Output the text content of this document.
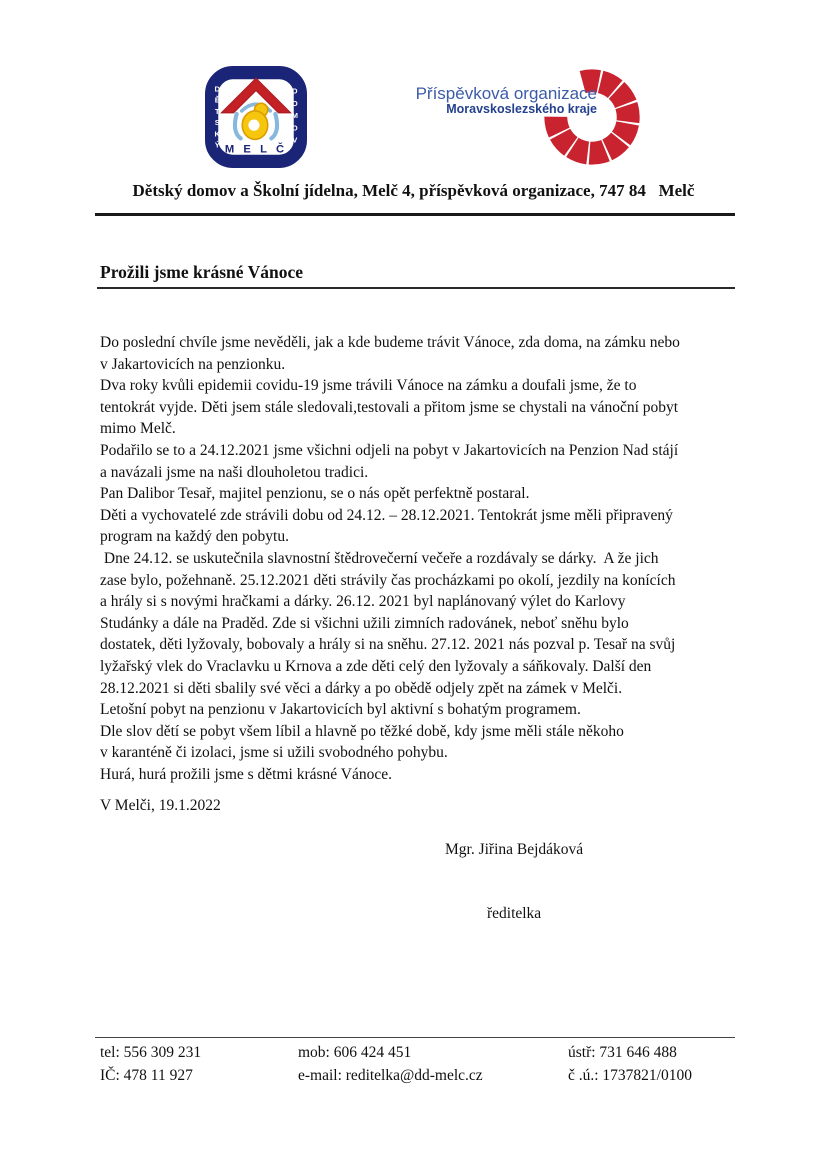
M E L Č
D
Ě
T
S
K
Ý
D
O
M
O
V
Příspěvková organizace
Moravskoslezského kraje
Dětský domov a Školní jídelna, Melč 4, příspěvková organizace, 747 84   Melč
Prožili jsme krásné Vánoce
Do poslední chvíle jsme nevěděli, jak a kde budeme trávit Vánoce, zda doma, na zámku nebo
v Jakartovicích na penzionku.
Dva roky kvůli epidemii covidu-19 jsme trávili Vánoce na zámku a doufali jsme, že to
tentokrát vyjde. Děti jsem stále sledovali,testovali a přitom jsme se chystali na vánoční pobyt
mimo Melč.
Podařilo se to a 24.12.2021 jsme všichni odjeli na pobyt v Jakartovicích na Penzion Nad stájí
a navázali jsme na naši dlouholetou tradici.
Pan Dalibor Tesař, majitel penzionu, se o nás opět perfektně postaral.
Děti a vychovatelé zde strávili dobu od 24.12. – 28.12.2021. Tentokrát jsme měli připravený
program na každý den pobytu.
Dne 24.12. se uskutečnila slavnostní štědrovečerní večeře a rozdávaly se dárky.  A že jich
zase bylo, požehnaně. 25.12.2021 děti strávily čas procházkami po okolí, jezdily na konících
a hrály si s novými hračkami a dárky. 26.12. 2021 byl naplánovaný výlet do Karlovy
Studánky a dále na Praděd. Zde si všichni užili zimních radovánek, neboť sněhu bylo
dostatek, děti lyžovaly, bobovaly a hrály si na sněhu. 27.12. 2021 nás pozval p. Tesař na svůj
lyžařský vlek do Vraclavku u Krnova a zde děti celý den lyžovaly a sáňkovaly. Další den
28.12.2021 si děti sbalily své věci a dárky a po obědě odjely zpět na zámek v Melči.
Letošní pobyt na penzionu v Jakartovicích byl aktivní s bohatým programem.
Dle slov dětí se pobyt všem líbil a hlavně po těžké době, kdy jsme měli stále někoho
v karanténě či izolaci, jsme si užili svobodného pohybu.
Hurá, hurá prožili jsme s dětmi krásné Vánoce.
V Melči, 19.1.2022

Mgr. Jiřina Bejdáková

ředitelka

tel: 556 309 231	mob: 606 424 451	ústř: 731 646 488
IČ: 478 11 927	e-mail: reditelka@dd-melc.cz	č .ú.: 1737821/0100
